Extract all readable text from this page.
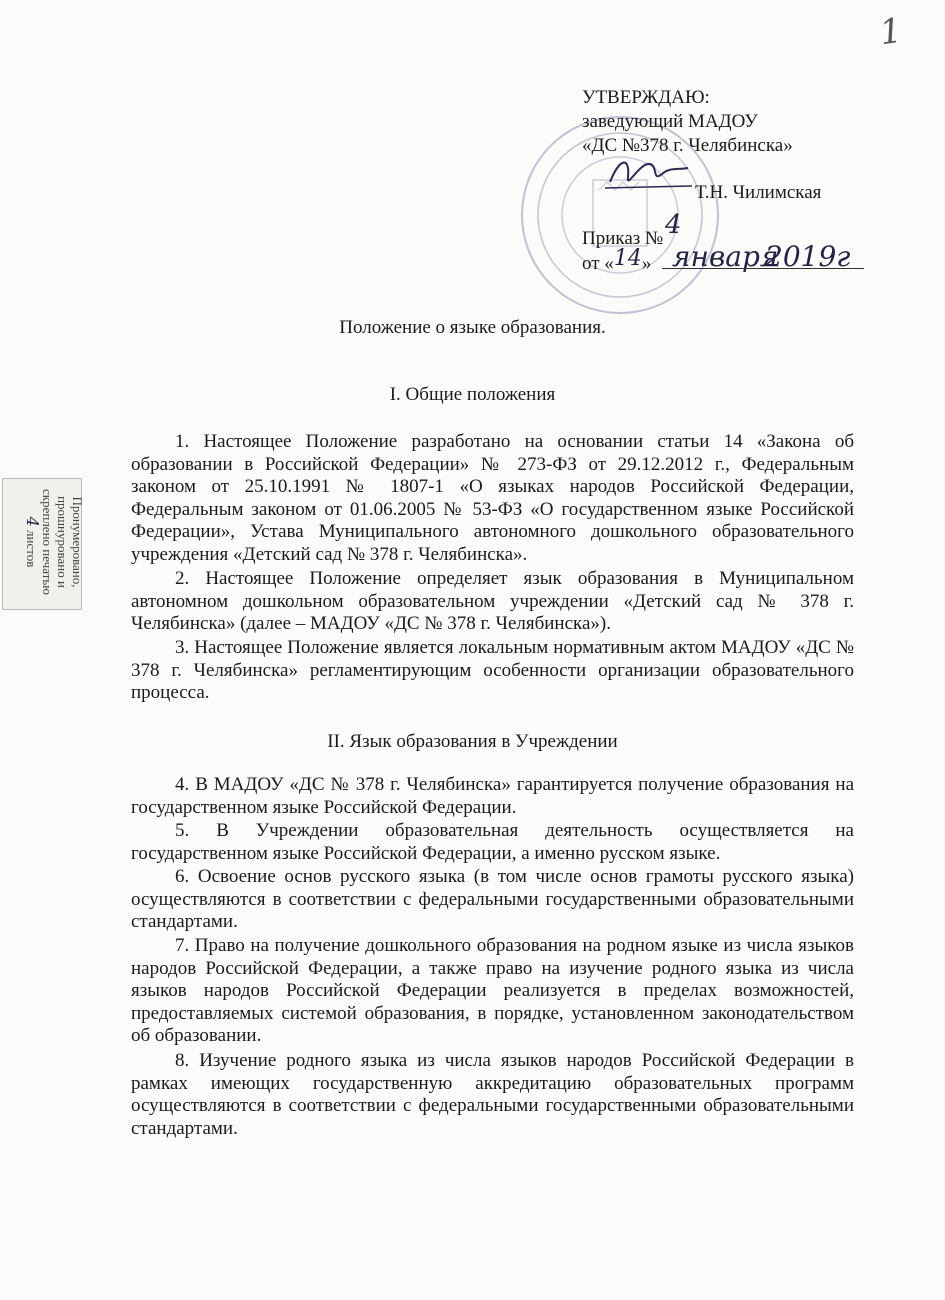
1
УТВЕРЖДАЮ:
заведующий МАДОУ
«ДС №378 г. Челябинска»
Т.Н. Чилимская
Приказ № 4
от «14» января
2019г
Пронумеровано,
прошнуровано и
скреплено печатью
4 листов
Положение о языке образования.
I. Общие положения

1. Настоящее Положение разработано на основании статьи 14 «Закона об образовании в Российской Федерации» № 273-ФЗ от 29.12.2012 г., Федеральным законом от 25.10.1991 № 1807-1 «О языках народов Российской Федерации, Федеральным законом от 01.06.2005 № 53-ФЗ «О государственном языке Российской Федерации», Устава Муниципального автономного дошкольного образовательного учреждения «Детский сад № 378 г. Челябинска».

2. Настоящее Положение определяет язык образования в Муниципальном автономном дошкольном образовательном учреждении «Детский сад № 378 г. Челябинска» (далее – МАДОУ «ДС № 378 г. Челябинска»).

3. Настоящее Положение является локальным нормативным актом МАДОУ «ДС № 378 г. Челябинска» регламентирующим особенности организации образовательного процесса.

II. Язык образования в Учреждении

4. В МАДОУ «ДС № 378 г. Челябинска» гарантируется получение образования на государственном языке Российской Федерации.

5. В Учреждении образовательная деятельность осуществляется на государственном языке Российской Федерации, а именно русском языке.

6. Освоение основ русского языка (в том числе основ грамоты русского языка) осуществляются в соответствии с федеральными государственными образовательными стандартами.

7. Право на получение дошкольного образования на родном языке из числа языков народов Российской Федерации, а также право на изучение родного языка из числа языков народов Российской Федерации реализуется в пределах возможностей, предоставляемых системой образования, в порядке, установленном законодательством об образовании.

8. Изучение родного языка из числа языков народов Российской Федерации в рамках имеющих государственную аккредитацию образовательных программ осуществляются в соответствии с федеральными государственными образовательными стандартами.
